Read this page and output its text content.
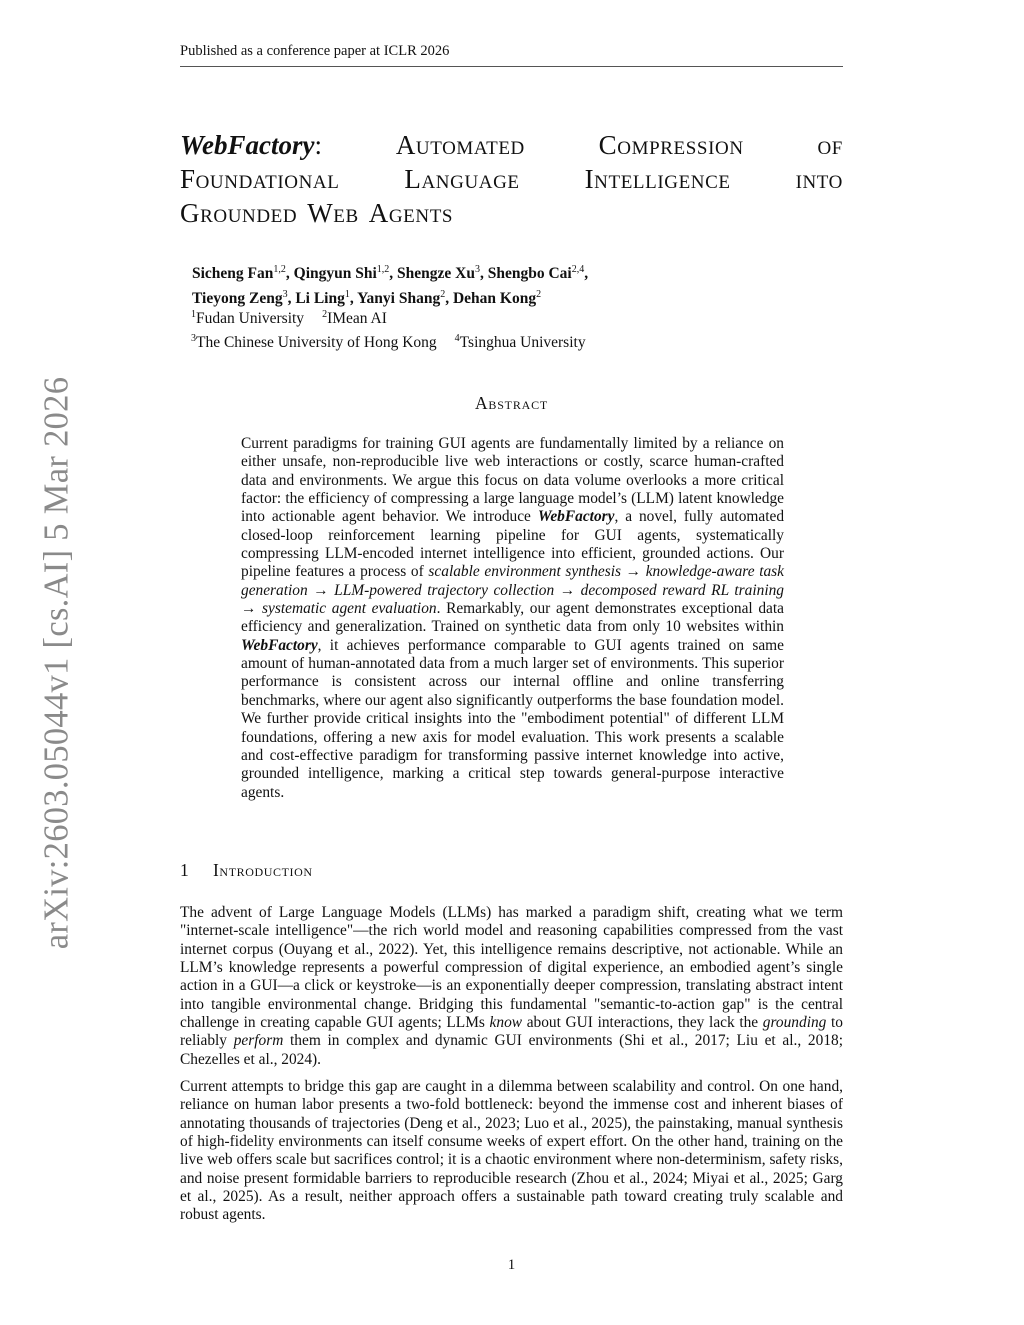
Published as a conference paper at ICLR 2026
arXiv:2603.05044v1 [cs.AI] 5 Mar 2026
WebFactory:	Automated	Compression	of
Foundational Language Intelligence into
Grounded Web Agents
Sicheng Fan$^{1,2}$, Qingyun Shi$^{1,2}$, Shengze Xu$^3$, Shengbo Cai$^{2,4}$,
Tieyong Zeng$^3$, Li Ling$^1$, Yanyi Shang$^2$, Dehan Kong$^2$
$^1$Fudan University $^2$IMean AI
$^3$The Chinese University of Hong Kong $^4$Tsinghua University
Abstract
Current paradigms for training GUI agents are fundamentally limited by a reliance on either unsafe, non-reproducible live web interactions or costly, scarce human-crafted data and environments. We argue this focus on data volume overlooks a more critical factor: the efficiency of compressing a large language model’s (LLM) latent knowledge into actionable agent behavior. We introduce WebFactory, a novel, fully automated closed-loop reinforcement learning pipeline for GUI agents, systematically compressing LLM-encoded internet intelligence into efficient, grounded actions. Our pipeline features a process of scalable environment synthesis → knowledge-aware task generation → LLM-powered trajectory collection → decomposed reward RL training → systematic agent evaluation. Remarkably, our agent demonstrates exceptional data efficiency and generalization. Trained on synthetic data from only 10 websites within WebFactory, it achieves performance comparable to GUI agents trained on same amount of human-annotated data from a much larger set of environments. This superior performance is consistent across our internal offline and online transferring benchmarks, where our agent also significantly outperforms the base foundation model. We further provide critical insights into the "embodiment potential" of different LLM foundations, offering a new axis for model evaluation. This work presents a scalable and cost-effective paradigm for transforming passive internet knowledge into active, grounded intelligence, marking a critical step towards general-purpose interactive agents.
1 Introduction
The advent of Large Language Models (LLMs) has marked a paradigm shift, creating what we term "internet-scale intelligence"—the rich world model and reasoning capabilities compressed from the vast internet corpus (Ouyang et al., 2022). Yet, this intelligence remains descriptive, not actionable. While an LLM’s knowledge represents a powerful compression of digital experience, an embodied agent’s single action in a GUI—a click or keystroke—is an exponentially deeper compression, translating abstract intent into tangible environmental change. Bridging this fundamental "semantic-to-action gap" is the central challenge in creating capable GUI agents; LLMs know about GUI interactions, they lack the grounding to reliably perform them in complex and dynamic GUI environments (Shi et al., 2017; Liu et al., 2018; Chezelles et al., 2024).
Current attempts to bridge this gap are caught in a dilemma between scalability and control. On one hand, reliance on human labor presents a two-fold bottleneck: beyond the immense cost and inherent biases of annotating thousands of trajectories (Deng et al., 2023; Luo et al., 2025), the painstaking, manual synthesis of high-fidelity environments can itself consume weeks of expert effort. On the other hand, training on the live web offers scale but sacrifices control; it is a chaotic environment where non-determinism, safety risks, and noise present formidable barriers to reproducible research (Zhou et al., 2024; Miyai et al., 2025; Garg et al., 2025). As a result, neither approach offers a sustainable path toward creating truly scalable and robust agents.
1
